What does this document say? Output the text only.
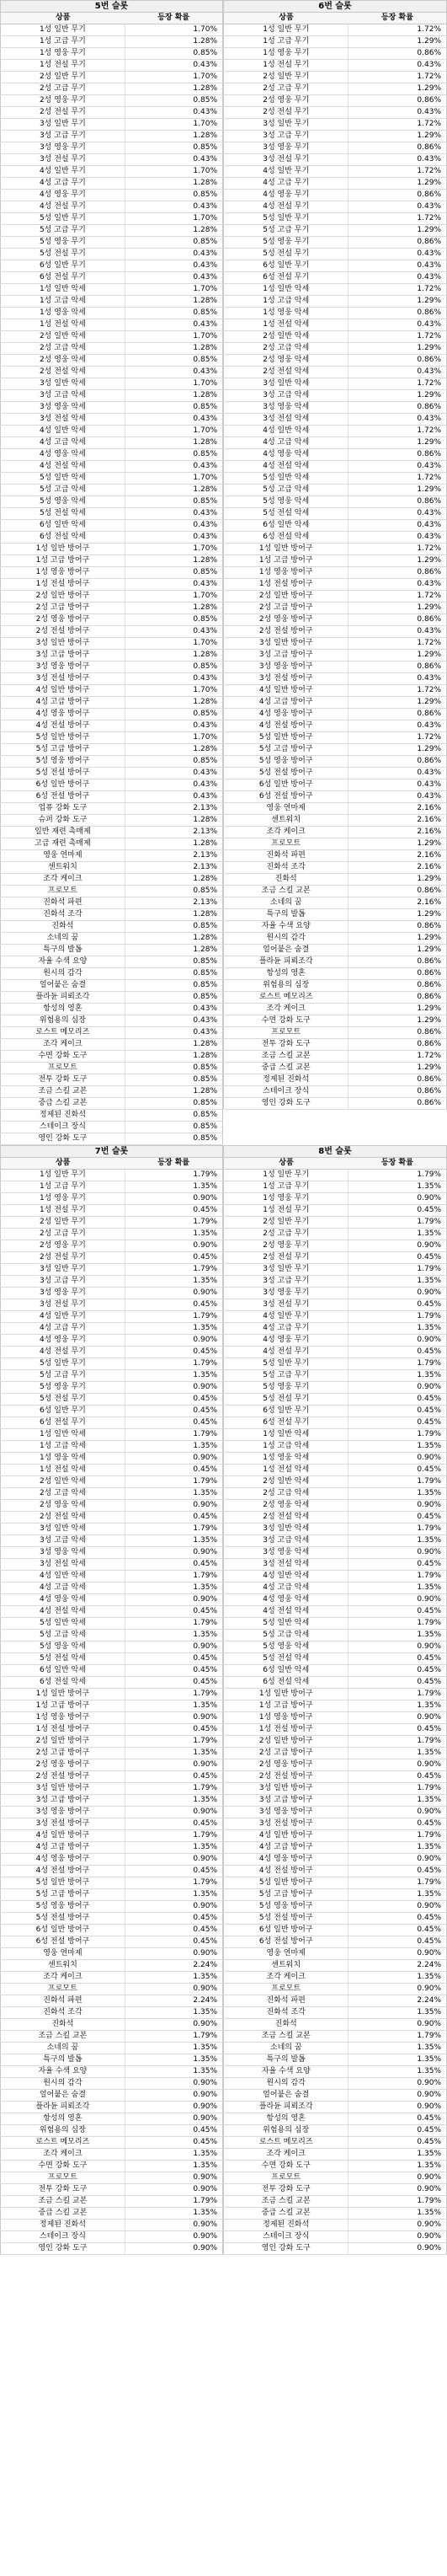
5번 슬롯	
상품	등장 확률
1성 일반 무기	1.70%
1성 고급 무기	1.28%
1성 영웅 무기	0.85%
1성 전설 무기	0.43%
2성 일반 무기	1.70%
2성 고급 무기	1.28%
2성 영웅 무기	0.85%
2성 전설 무기	0.43%
3성 일반 무기	1.70%
3성 고급 무기	1.28%
3성 영웅 무기	0.85%
3성 전설 무기	0.43%
4성 일반 무기	1.70%
4성 고급 무기	1.28%
4성 영웅 무기	0.85%
4성 전설 무기	0.43%
5성 일반 무기	1.70%
5성 고급 무기	1.28%
5성 영웅 무기	0.85%
5성 전설 무기	0.43%
6성 일반 무기	0.43%
6성 전설 무기	0.43%
1성 일반 악세	1.70%
1성 고급 악세	1.28%
1성 영웅 악세	0.85%
1성 전설 악세	0.43%
2성 일반 악세	1.70%
2성 고급 악세	1.28%
2성 영웅 악세	0.85%
2성 전설 악세	0.43%
3성 일반 악세	1.70%
3성 고급 악세	1.28%
3성 영웅 악세	0.85%
3성 전설 악세	0.43%
4성 일반 악세	1.70%
4성 고급 악세	1.28%
4성 영웅 악세	0.85%
4성 전설 악세	0.43%
5성 일반 악세	1.70%
5성 고급 악세	1.28%
5성 영웅 악세	0.85%
5성 전설 악세	0.43%
6성 일반 악세	0.43%
6성 전설 악세	0.43%
1성 일반 방어구	1.70%
1성 고급 방어구	1.28%
1성 영웅 방어구	0.85%
1성 전설 방어구	0.43%
2성 일반 방어구	1.70%
2성 고급 방어구	1.28%
2성 영웅 방어구	0.85%
2성 전설 방어구	0.43%
3성 일반 방어구	1.70%
3성 고급 방어구	1.28%
3성 영웅 방어구	0.85%
3성 전설 방어구	0.43%
4성 일반 방어구	1.70%
4성 고급 방어구	1.28%
4성 영웅 방어구	0.85%
4성 전설 방어구	0.43%
5성 일반 방어구	1.70%
5성 고급 방어구	1.28%
5성 영웅 방어구	0.85%
5성 전설 방어구	0.43%
6성 일반 방어구	0.43%
6성 전설 방어구	0.43%
업퓨 강화 도구	2.13%
슈퍼 강화 도구	1.28%
일반 재련 촉매제	2.13%
고급 재련 촉매제	1.28%
영웅 연마제	2.13%
센트워치	2.13%
조각 케이크	1.28%
프로모트	0.85%
진화석 파편	2.13%
진화석 조각	1.28%
진화석	0.85%
소네의 꿈	1.28%
특구의 발톱	1.28%
자율 수색 요양	0.85%
원시의 감각	0.85%
얼어붙은 숨결	0.85%
플라듄 피뢰조각	0.85%
항성의 영혼	0.43%
위험용의 심장	0.43%
로스트 메모리즈	0.43%
조각 케이크	1.28%
수면 강화 도구	1.28%
프로모트	0.85%
전투 강화 도구	0.85%
조금 스킬 교본	1.28%
중급 스킬 교본	0.85%
정제된 진화석	0.85%
스테이크 장식	0.85%
영인 강화 도구	0.85%
6번 슬롯	
상품	등장 확률
1성 일반 무기	1.72%
1성 고급 무기	1.29%
1성 영웅 무기	0.86%
1성 전설 무기	0.43%
2성 일반 무기	1.72%
2성 고급 무기	1.29%
2성 영웅 무기	0.86%
2성 전설 무기	0.43%
3성 일반 무기	1.72%
3성 고급 무기	1.29%
3성 영웅 무기	0.86%
3성 전설 무기	0.43%
4성 일반 무기	1.72%
4성 고급 무기	1.29%
4성 영웅 무기	0.86%
4성 전설 무기	0.43%
5성 일반 무기	1.72%
5성 고급 무기	1.29%
5성 영웅 무기	0.86%
5성 전설 무기	0.43%
6성 일반 무기	0.43%
6성 전설 무기	0.43%
1성 일반 악세	1.72%
1성 고급 악세	1.29%
1성 영웅 악세	0.86%
1성 전설 악세	0.43%
2성 일반 악세	1.72%
2성 고급 악세	1.29%
2성 영웅 악세	0.86%
2성 전설 악세	0.43%
3성 일반 악세	1.72%
3성 고급 악세	1.29%
3성 영웅 악세	0.86%
3성 전설 악세	0.43%
4성 일반 악세	1.72%
4성 고급 악세	1.29%
4성 영웅 악세	0.86%
4성 전설 악세	0.43%
5성 일반 악세	1.72%
5성 고급 악세	1.29%
5성 영웅 악세	0.86%
5성 전설 악세	0.43%
6성 일반 악세	0.43%
6성 전설 악세	0.43%
1성 일반 방어구	1.72%
1성 고급 방어구	1.29%
1성 영웅 방어구	0.86%
1성 전설 방어구	0.43%
2성 일반 방어구	1.72%
2성 고급 방어구	1.29%
2성 영웅 방어구	0.86%
2성 전설 방어구	0.43%
3성 일반 방어구	1.72%
3성 고급 방어구	1.29%
3성 영웅 방어구	0.86%
3성 전설 방어구	0.43%
4성 일반 방어구	1.72%
4성 고급 방어구	1.29%
4성 영웅 방어구	0.86%
4성 전설 방어구	0.43%
5성 일반 방어구	1.72%
5성 고급 방어구	1.29%
5성 영웅 방어구	0.86%
5성 전설 방어구	0.43%
6성 일반 방어구	0.43%
6성 전설 방어구	0.43%
영웅 연마제	2.16%
센트워치	2.16%
조각 케이크	2.16%
프로모트	1.29%
진화석 파편	2.16%
진화석 조각	2.16%
진화석	1.29%
조금 스킬 교본	0.86%
소네의 꿈	2.16%
특구의 발톱	1.29%
자율 수색 요양	0.86%
원시의 감각	1.29%
얼어붙은 숨결	1.29%
플라듄 피뢰조각	0.86%
항성의 영혼	0.86%
위험용의 심장	0.86%
로스트 메모리즈	0.86%
조각 케이크	1.29%
수면 강화 도구	1.29%
프로모트	0.86%
전투 강화 도구	0.86%
조금 스킬 교본	1.72%
중급 스킬 교본	1.29%
정제된 진화석	0.86%
스테이크 장식	0.86%
영인 강화 도구	0.86%
7번 슬롯	
상품	등장 확률
1성 일반 무기	1.79%
1성 고급 무기	1.35%
1성 영웅 무기	0.90%
1성 전설 무기	0.45%
2성 일반 무기	1.79%
2성 고급 무기	1.35%
2성 영웅 무기	0.90%
2성 전설 무기	0.45%
3성 일반 무기	1.79%
3성 고급 무기	1.35%
3성 영웅 무기	0.90%
3성 전설 무기	0.45%
4성 일반 무기	1.79%
4성 고급 무기	1.35%
4성 영웅 무기	0.90%
4성 전설 무기	0.45%
5성 일반 무기	1.79%
5성 고급 무기	1.35%
5성 영웅 무기	0.90%
5성 전설 무기	0.45%
6성 일반 무기	0.45%
6성 전설 무기	0.45%
1성 일반 악세	1.79%
1성 고급 악세	1.35%
1성 영웅 악세	0.90%
1성 전설 악세	0.45%
2성 일반 악세	1.79%
2성 고급 악세	1.35%
2성 영웅 악세	0.90%
2성 전설 악세	0.45%
3성 일반 악세	1.79%
3성 고급 악세	1.35%
3성 영웅 악세	0.90%
3성 전설 악세	0.45%
4성 일반 악세	1.79%
4성 고급 악세	1.35%
4성 영웅 악세	0.90%
4성 전설 악세	0.45%
5성 일반 악세	1.79%
5성 고급 악세	1.35%
5성 영웅 악세	0.90%
5성 전설 악세	0.45%
6성 일반 악세	0.45%
6성 전설 악세	0.45%
1성 일반 방어구	1.79%
1성 고급 방어구	1.35%
1성 영웅 방어구	0.90%
1성 전설 방어구	0.45%
2성 일반 방어구	1.79%
2성 고급 방어구	1.35%
2성 영웅 방어구	0.90%
2성 전설 방어구	0.45%
3성 일반 방어구	1.79%
3성 고급 방어구	1.35%
3성 영웅 방어구	0.90%
3성 전설 방어구	0.45%
4성 일반 방어구	1.79%
4성 고급 방어구	1.35%
4성 영웅 방어구	0.90%
4성 전설 방어구	0.45%
5성 일반 방어구	1.79%
5성 고급 방어구	1.35%
5성 영웅 방어구	0.90%
5성 전설 방어구	0.45%
6성 일반 방어구	0.45%
6성 전설 방어구	0.45%
영웅 연마제	0.90%
센트워치	2.24%
조각 케이크	1.35%
프로모트	0.90%
진화석 파편	2.24%
진화석 조각	1.35%
진화석	0.90%
조금 스킬 교본	1.79%
소네의 꿈	1.35%
특구의 발톱	1.35%
자율 수색 요양	1.35%
원시의 감각	0.90%
얼어붙은 숨결	0.90%
플라듄 피뢰조각	0.90%
항성의 영혼	0.90%
위험용의 심장	0.45%
로스트 메모리즈	0.45%
조각 케이크	1.35%
수면 강화 도구	1.35%
프로모트	0.90%
전투 강화 도구	0.90%
조금 스킬 교본	1.79%
중급 스킬 교본	1.35%
정제된 진화석	0.90%
스테이크 장식	0.90%
영인 강화 도구	0.90%
8번 슬롯	
상품	등장 확률
1성 일반 무기	1.79%
1성 고급 무기	1.35%
1성 영웅 무기	0.90%
1성 전설 무기	0.45%
2성 일반 무기	1.79%
2성 고급 무기	1.35%
2성 영웅 무기	0.90%
2성 전설 무기	0.45%
3성 일반 무기	1.79%
3성 고급 무기	1.35%
3성 영웅 무기	0.90%
3성 전설 무기	0.45%
4성 일반 무기	1.79%
4성 고급 무기	1.35%
4성 영웅 무기	0.90%
4성 전설 무기	0.45%
5성 일반 무기	1.79%
5성 고급 무기	1.35%
5성 영웅 무기	0.90%
5성 전설 무기	0.45%
6성 일반 무기	0.45%
6성 전설 무기	0.45%
1성 일반 악세	1.79%
1성 고급 악세	1.35%
1성 영웅 악세	0.90%
1성 전설 악세	0.45%
2성 일반 악세	1.79%
2성 고급 악세	1.35%
2성 영웅 악세	0.90%
2성 전설 악세	0.45%
3성 일반 악세	1.79%
3성 고급 악세	1.35%
3성 영웅 악세	0.90%
3성 전설 악세	0.45%
4성 일반 악세	1.79%
4성 고급 악세	1.35%
4성 영웅 악세	0.90%
4성 전설 악세	0.45%
5성 일반 악세	1.79%
5성 고급 악세	1.35%
5성 영웅 악세	0.90%
5성 전설 악세	0.45%
6성 일반 악세	0.45%
6성 전설 악세	0.45%
1성 일반 방어구	1.79%
1성 고급 방어구	1.35%
1성 영웅 방어구	0.90%
1성 전설 방어구	0.45%
2성 일반 방어구	1.79%
2성 고급 방어구	1.35%
2성 영웅 방어구	0.90%
2성 전설 방어구	0.45%
3성 일반 방어구	1.79%
3성 고급 방어구	1.35%
3성 영웅 방어구	0.90%
3성 전설 방어구	0.45%
4성 일반 방어구	1.79%
4성 고급 방어구	1.35%
4성 영웅 방어구	0.90%
4성 전설 방어구	0.45%
5성 일반 방어구	1.79%
5성 고급 방어구	1.35%
5성 영웅 방어구	0.90%
5성 전설 방어구	0.45%
6성 일반 방어구	0.45%
6성 전설 방어구	0.45%
영웅 연마제	0.90%
센트워치	2.24%
조각 케이크	1.35%
프로모트	0.90%
진화석 파편	2.24%
진화석 조각	1.35%
진화석	0.90%
조금 스킬 교본	1.79%
소네의 꿈	1.35%
특구의 발톱	1.35%
자율 수색 요양	1.35%
원시의 감각	0.90%
얼어붙은 숨결	0.90%
플라듄 피뢰조각	0.90%
항성의 영혼	0.45%
위험용의 심장	0.45%
로스트 메모리즈	0.45%
조각 케이크	1.35%
수면 강화 도구	1.35%
프로모트	0.90%
전투 강화 도구	0.90%
조금 스킬 교본	1.79%
중급 스킬 교본	1.35%
정제된 진화석	0.90%
스테이크 장식	0.90%
영인 강화 도구	0.90%
